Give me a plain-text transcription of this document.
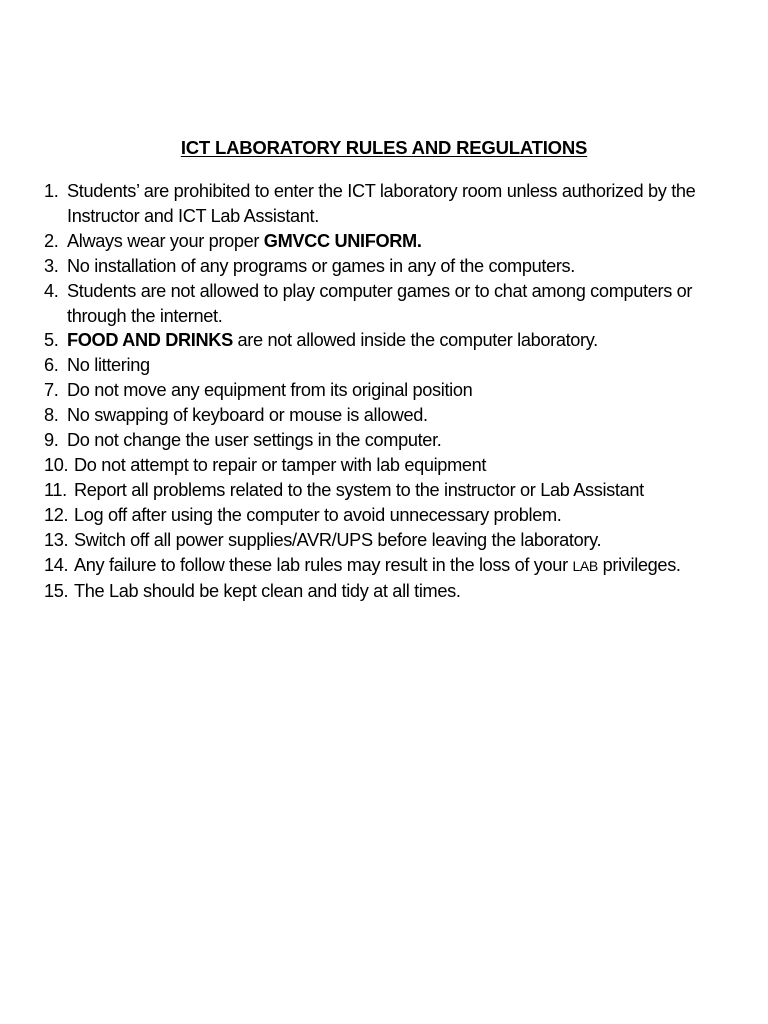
ICT LABORATORY RULES AND REGULATIONS
1. Students’ are prohibited to enter the ICT laboratory room unless authorized by the Instructor and ICT Lab Assistant.
2. Always wear your proper GMVCC UNIFORM.
3. No installation of any programs or games in any of the computers.
4. Students are not allowed to play computer games or to chat among computers or through the internet.
5. FOOD AND DRINKS are not allowed inside the computer laboratory.
6. No littering
7. Do not move any equipment from its original position
8. No swapping of keyboard or mouse is allowed.
9. Do not change the user settings in the computer.
10. Do not attempt to repair or tamper with lab equipment
11. Report all problems related to the system to the instructor or Lab Assistant
12. Log off after using the computer to avoid unnecessary problem.
13. Switch off all power supplies/AVR/UPS before leaving the laboratory.
14. Any failure to follow these lab rules may result in the loss of your LAB privileges.
15. The Lab should be kept clean and tidy at all times.
